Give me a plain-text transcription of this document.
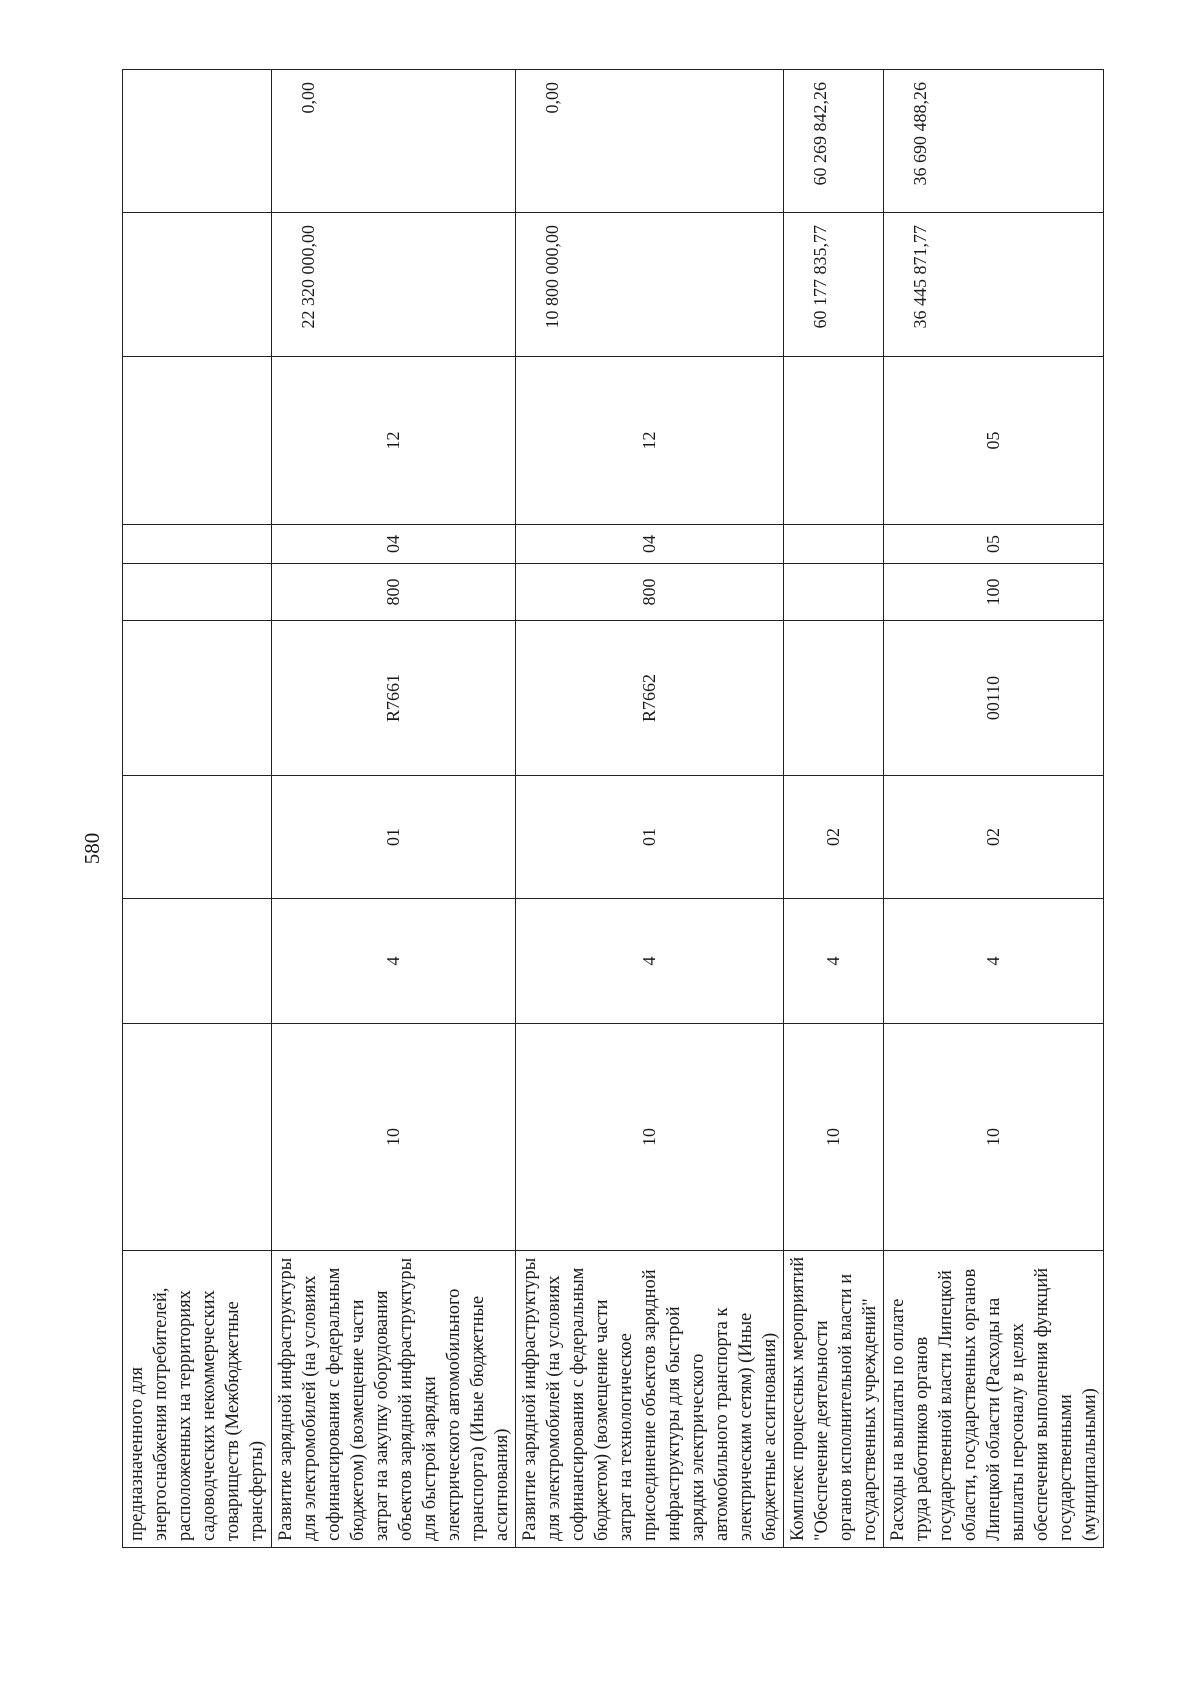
580
предназначенного для энергоснабжения потребителей, расположенных на территориях садоводческих некоммерческих товариществ (Межбюджетные трансферты)										
Развитие зарядной инфраструктуры для электромобилей (на условиях софинансирования с федеральным бюджетом) (возмещение части затрат на закупку оборудования объектов зарядной инфраструктуры для быстрой зарядки электрического автомобильного транспорта) (Иные бюджетные ассигнования)	10	4	01	R7661	800	04	12	22 320 000,00	0,00	
Развитие зарядной инфраструктуры для электромобилей (на условиях софинансирования с федеральным бюджетом) (возмещение части затрат на технологическое присоединение объектов зарядной инфраструктуры для быстрой зарядки электрического автомобильного транспорта к электрическим сетям) (Иные бюджетные ассигнования)	10	4	01	R7662	800	04	12	10 800 000,00	0,00	
Комплекс процессных мероприятий "Обеспечение деятельности органов исполнительной власти и государственных учреждений"	10	4	02					60 177 835,77	60 269 842,26	
Расходы на выплаты по оплате труда работников органов государственной власти Липецкой области, государственных органов Липецкой области (Расходы на выплаты персоналу в целях обеспечения выполнения функций государственными (муниципальными)	10	4	02	00110	100	05	05	36 445 871,77	36 690 488,26	
